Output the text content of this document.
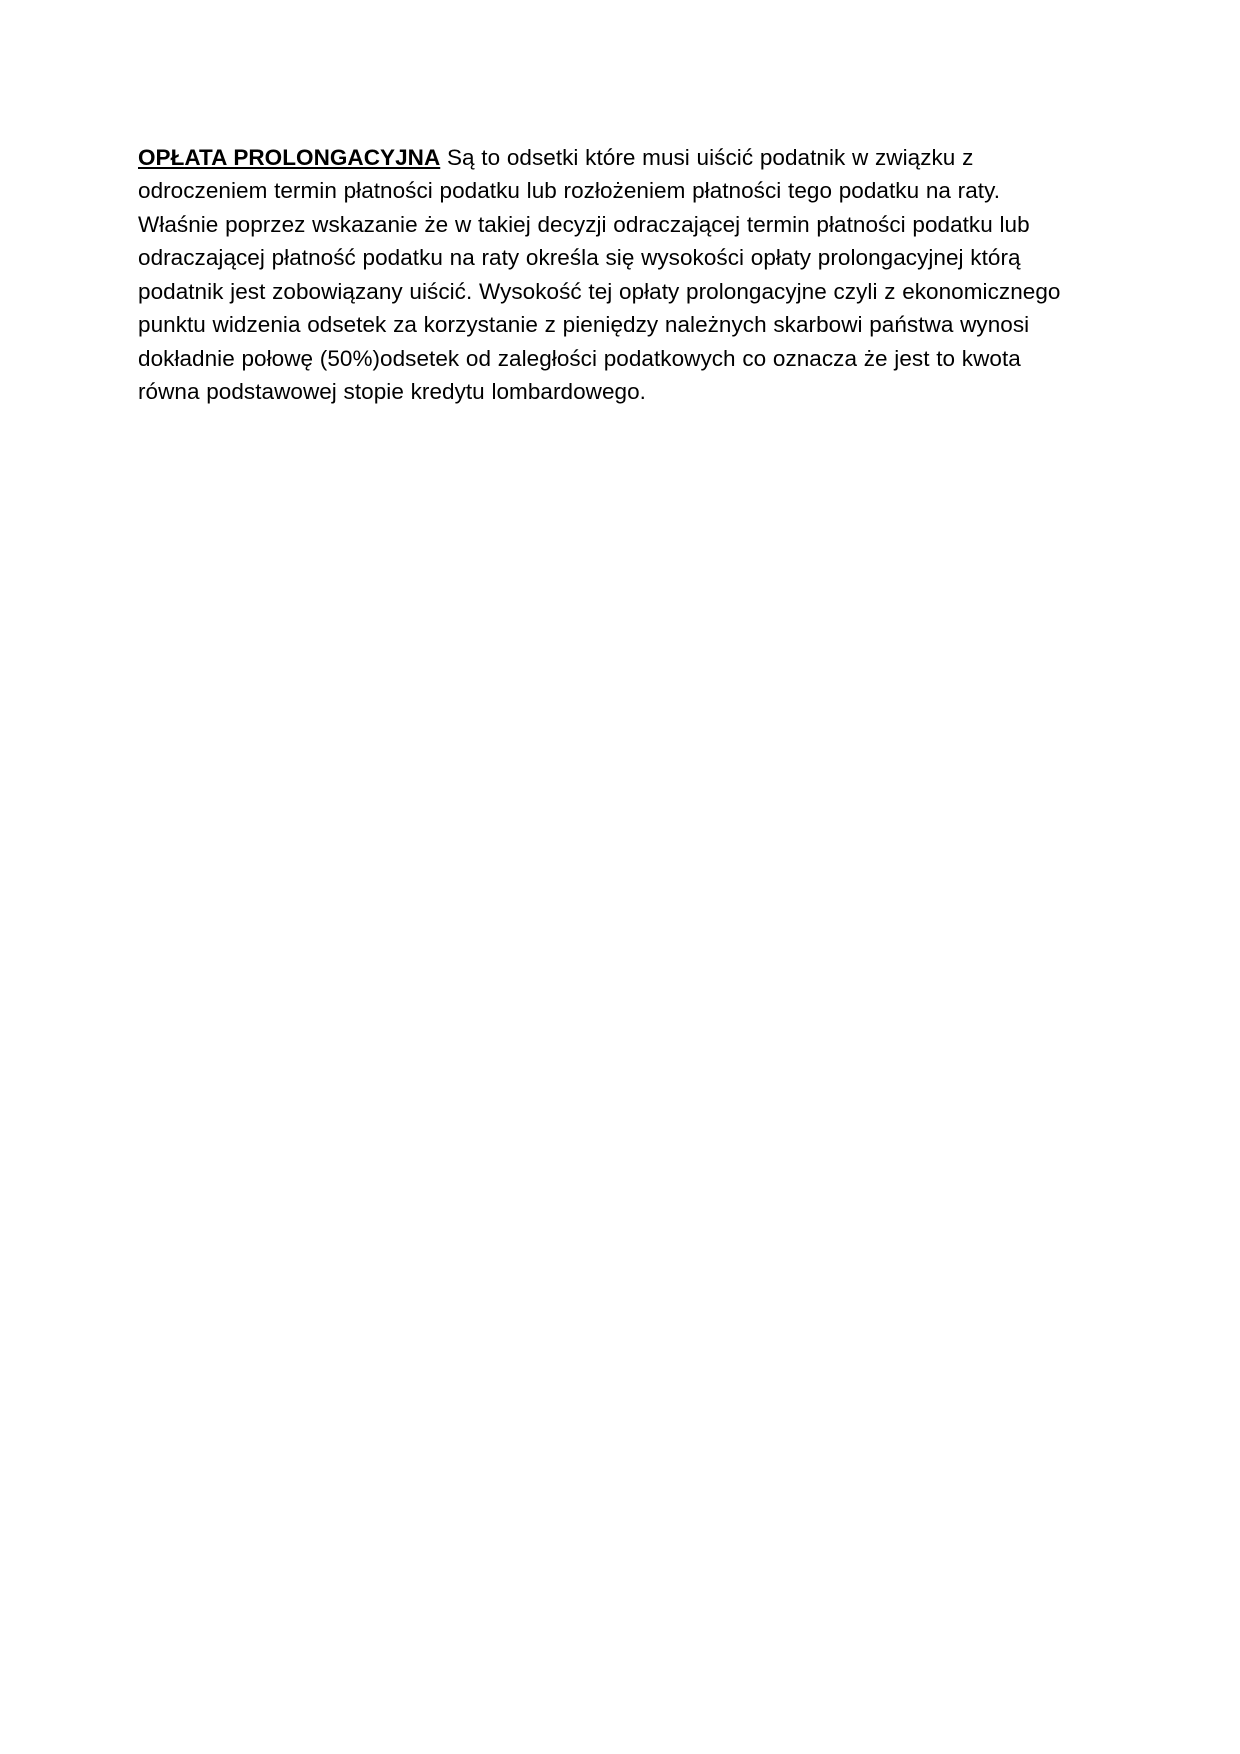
OPŁATA PROLONGACYJNA Są to odsetki które musi uiścić podatnik w związku z odroczeniem termin płatności podatku lub rozłożeniem płatności tego podatku na raty. Właśnie poprzez wskazanie że w takiej decyzji odraczającej termin płatności podatku lub odraczającej płatność podatku na raty określa się wysokości opłaty prolongacyjnej którą podatnik jest zobowiązany uiścić. Wysokość tej opłaty prolongacyjne czyli z ekonomicznego punktu widzenia odsetek za korzystanie z pieniędzy należnych skarbowi państwa wynosi dokładnie połowę (50%)odsetek od zaległości podatkowych co oznacza że jest to kwota równa podstawowej stopie kredytu lombardowego.
